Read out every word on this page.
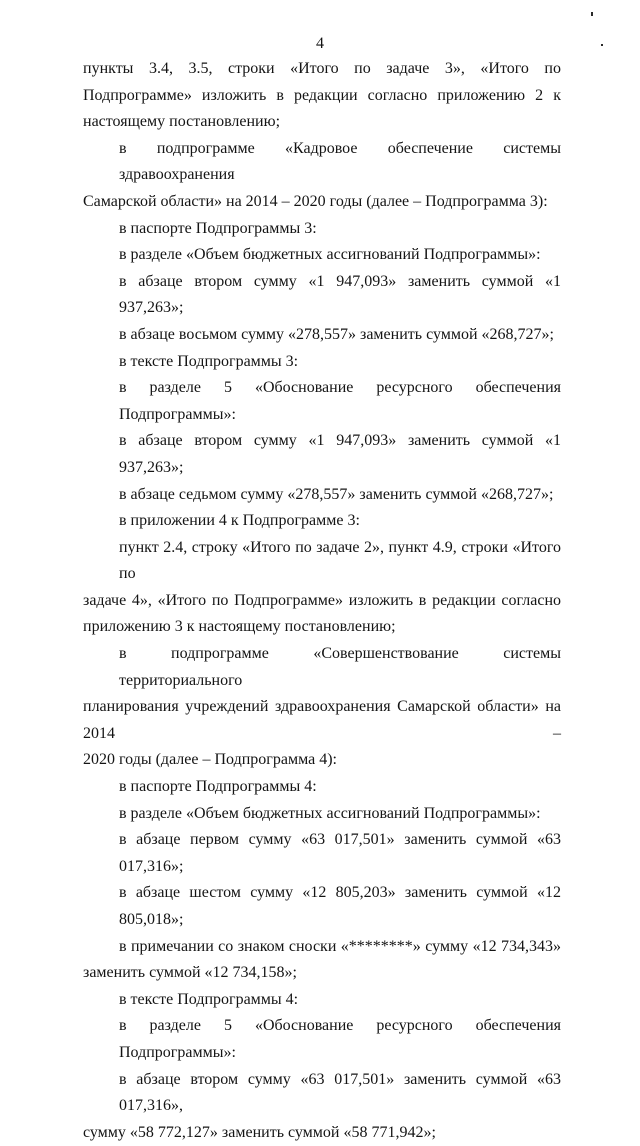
4

пункты 3.4, 3.5, строки «Итого по задаче 3», «Итого по
Подпрограмме» изложить в редакции согласно приложению 2 к
настоящему постановлению;

в подпрограмме «Кадровое обеспечение системы здравоохранения
Самарской области» на 2014 – 2020 годы (далее – Подпрограмма 3):

в паспорте Подпрограммы 3:

в разделе «Объем бюджетных ассигнований Подпрограммы»:

в абзаце втором сумму «1 947,093» заменить суммой «1 937,263»;

в абзаце восьмом сумму «278,557» заменить суммой «268,727»;

в тексте Подпрограммы 3:

в разделе 5 «Обоснование ресурсного обеспечения Подпрограммы»:

в абзаце втором сумму «1 947,093» заменить суммой «1 937,263»;

в абзаце седьмом сумму «278,557» заменить суммой «268,727»;

в приложении 4 к Подпрограмме 3:

пункт 2.4, строку «Итого по задаче 2», пункт 4.9, строки «Итого по
задаче 4», «Итого по Подпрограмме» изложить в редакции согласно
приложению 3 к настоящему постановлению;

в подпрограмме «Совершенствование системы территориального
планирования учреждений здравоохранения Самарской области» на 2014 –
2020 годы (далее – Подпрограмма 4):

в паспорте Подпрограммы 4:

в разделе «Объем бюджетных ассигнований Подпрограммы»:

в абзаце первом сумму «63 017,501» заменить суммой «63 017,316»;

в абзаце шестом сумму «12 805,203» заменить суммой «12 805,018»;

в примечании со знаком сноски «********» сумму «12 734,343»
заменить суммой «12 734,158»;

в тексте Подпрограммы 4:

в разделе 5 «Обоснование ресурсного обеспечения Подпрограммы»:

в абзаце втором сумму «63 017,501» заменить суммой «63 017,316»,
сумму «58 772,127» заменить суммой «58 771,942»;
